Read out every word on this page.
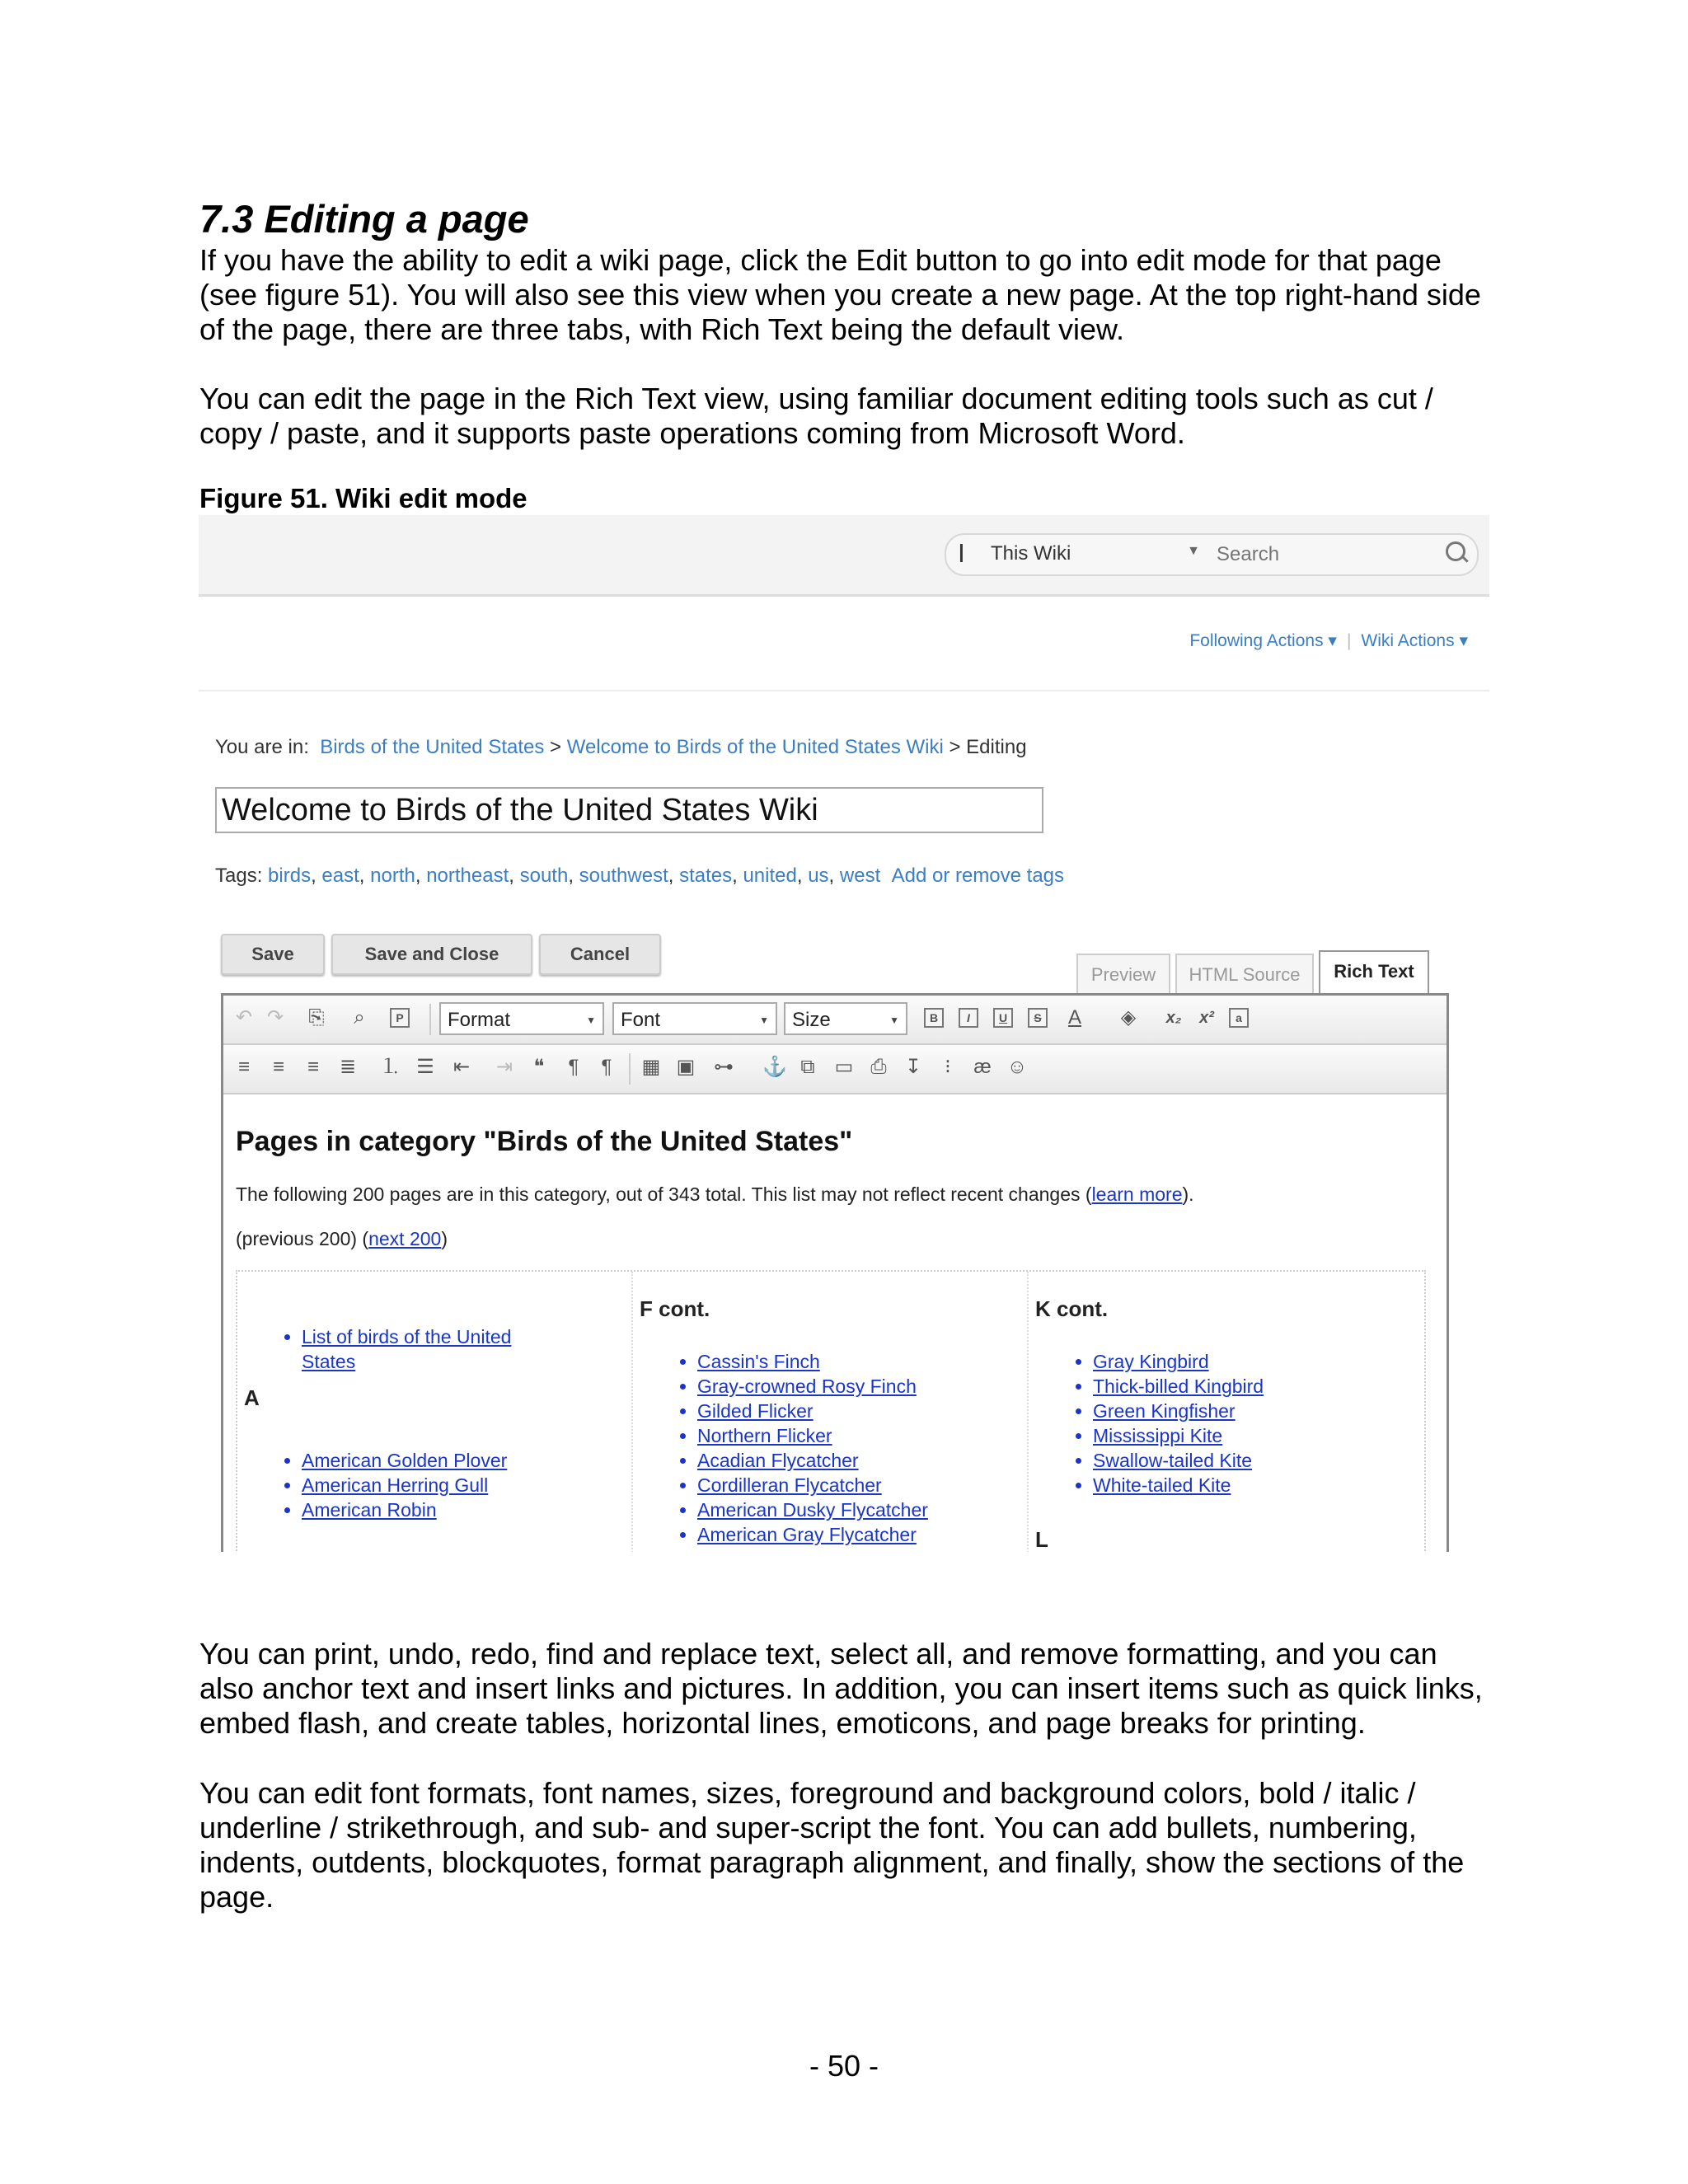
7.3 Editing a page

If you have the ability to edit a wiki page, click the Edit button to go into edit mode for that page (see figure 51). You will also see this view when you create a new page. At the top right-hand side of the page, there are three tabs, with Rich Text being the default view.

You can edit the page in the Rich Text view, using familiar document editing tools such as cut / copy / paste, and it supports paste operations coming from Microsoft Word.

Figure 51. Wiki edit mode

Ⅰ This Wiki	▼
Search
Following Actions ▾ | Wiki Actions ▾
You are in: Birds of the United States > Welcome to Birds of the United States Wiki > Editing
Welcome to Birds of the United States Wiki
Tags: birds, east, north, northeast, south, southwest, states, united, us, west Add or remove tags
Save	Save and Close	Cancel
Preview	HTML Source	Rich Text
↶ ↷ ⎘ ⌕	P	Format	▼	Font	▼	Size	▼	B	I	U	S	A ◈ x₂ x²	a
≡ ≡ ≡ ≣ ⒈ ☰ ⇤ ⇥ ❝ ¶ ¶ ▦ ▣ ⊶ ⚓ ⧉ ▭ ⎙ ↧	⁝	æ ☺
Pages in category "Birds of the United States"
The following 200 pages are in this category, out of 343 total. This list may not reflect recent changes (learn more).
(previous 200) (next 200)
• List of birds of the United
States
A
• American Golden Plover
• American Herring Gull
• American Robin
F cont.
• Cassin's Finch
• Gray-crowned Rosy Finch
• Gilded Flicker
• Northern Flicker
• Acadian Flycatcher
• Cordilleran Flycatcher
• American Dusky Flycatcher
• American Gray Flycatcher
K cont.
• Gray Kingbird
• Thick-billed Kingbird
• Green Kingfisher
• Mississippi Kite
• Swallow-tailed Kite
• White-tailed Kite
L

You can print, undo, redo, find and replace text, select all, and remove formatting, and you can also anchor text and insert links and pictures. In addition, you can insert items such as quick links, embed flash, and create tables, horizontal lines, emoticons, and page breaks for printing.

You can edit font formats, font names, sizes, foreground and background colors, bold / italic / underline / strikethrough, and sub- and super-script the font. You can add bullets, numbering, indents, outdents, blockquotes, format paragraph alignment, and finally, show the sections of the page.

- 50 -
